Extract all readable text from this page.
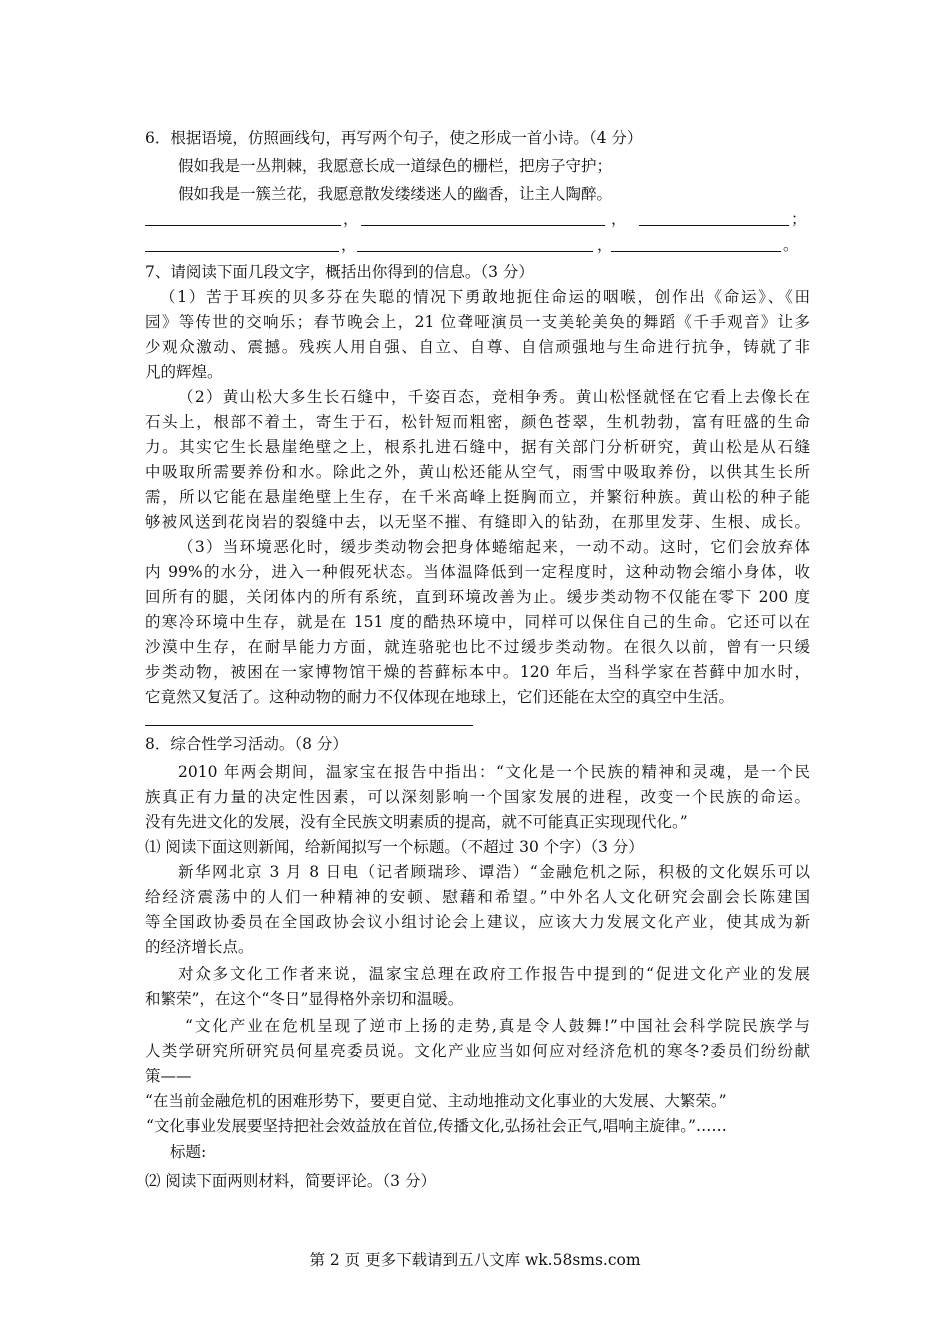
6．根据语境，仿照画线句，再写两个句子，使之形成一首小诗。（4 分）
假如我是一丛荆棘，我愿意长成一道绿色的栅栏，把房子守护；
假如我是一簇兰花，我愿意散发缕缕迷人的幽香，让主人陶醉。
，	，	；
，	，	。
7、请阅读下面几段文字，概括出你得到的信息。（3 分）
（1）苦于耳疾的贝多芬在失聪的情况下勇敢地扼住命运的咽喉，创作出《命运》、《田
园》等传世的交响乐；春节晚会上，21 位聋哑演员一支美轮美奂的舞蹈《千手观音》让多
少观众激动、震撼。残疾人用自强、自立、自尊、自信顽强地与生命进行抗争，铸就了非
凡的辉煌。
（2）黄山松大多生长石缝中，千姿百态，竞相争秀。黄山松怪就怪在它看上去像长在
石头上，根部不着土，寄生于石，松针短而粗密，颜色苍翠，生机勃勃，富有旺盛的生命
力。其实它生长悬崖绝壁之上，根系扎进石缝中，据有关部门分析研究，黄山松是从石缝
中吸取所需要养份和水。除此之外，黄山松还能从空气，雨雪中吸取养份，以供其生长所
需，所以它能在悬崖绝壁上生存，在千米高峰上挺胸而立，并繁衍种族。黄山松的种子能
够被风送到花岗岩的裂缝中去，以无坚不摧、有缝即入的钻劲，在那里发芽、生根、成长。
（3）当环境恶化时，缓步类动物会把身体蜷缩起来，一动不动。这时，它们会放弃体
内 99%的水分，进入一种假死状态。当体温降低到一定程度时，这种动物会缩小身体，收
回所有的腿，关闭体内的所有系统，直到环境改善为止。缓步类动物不仅能在零下 200 度
的寒冷环境中生存，就是在 151 度的酷热环境中，同样可以保住自己的生命。它还可以在
沙漠中生存，在耐旱能力方面，就连骆驼也比不过缓步类动物。在很久以前，曾有一只缓
步类动物，被困在一家博物馆干燥的苔藓标本中。120 年后，当科学家在苔藓中加水时，
它竟然又复活了。这种动物的耐力不仅体现在地球上，它们还能在太空的真空中生活。
8．综合性学习活动。（8 分）
2010 年两会期间，温家宝在报告中指出：“文化是一个民族的精神和灵魂，是一个民
族真正有力量的决定性因素，可以深刻影响一个国家发展的进程，改变一个民族的命运。
没有先进文化的发展，没有全民族文明素质的提高，就不可能真正实现现代化。”
⑴ 阅读下面这则新闻，给新闻拟写一个标题。（不超过 30 个字）（3 分）
新华网北京 3 月 8 日电（记者顾瑞珍、谭浩）“金融危机之际，积极的文化娱乐可以
给经济震荡中的人们一种精神的安顿、慰藉和希望。”中外名人文化研究会副会长陈建国
等全国政协委员在全国政协会议小组讨论会上建议，应该大力发展文化产业，使其成为新
的经济增长点。
对众多文化工作者来说，温家宝总理在政府工作报告中提到的“促进文化产业的发展
和繁荣”，在这个“冬日”显得格外亲切和温暖。
“文化产业在危机呈现了逆市上扬的走势,真是令人鼓舞!”中国社会科学院民族学与
人类学研究所研究员何星亮委员说。文化产业应当如何应对经济危机的寒冬?委员们纷纷献
策——
“在当前金融危机的困难形势下，要更自觉、主动地推动文化事业的大发展、大繁荣。”
“文化事业发展要坚持把社会效益放在首位,传播文化,弘扬社会正气,唱响主旋律。”……
标题:
⑵ 阅读下面两则材料，简要评论。（3 分）
第 2 页 更多下载请到五八文库 wk.58sms.com
